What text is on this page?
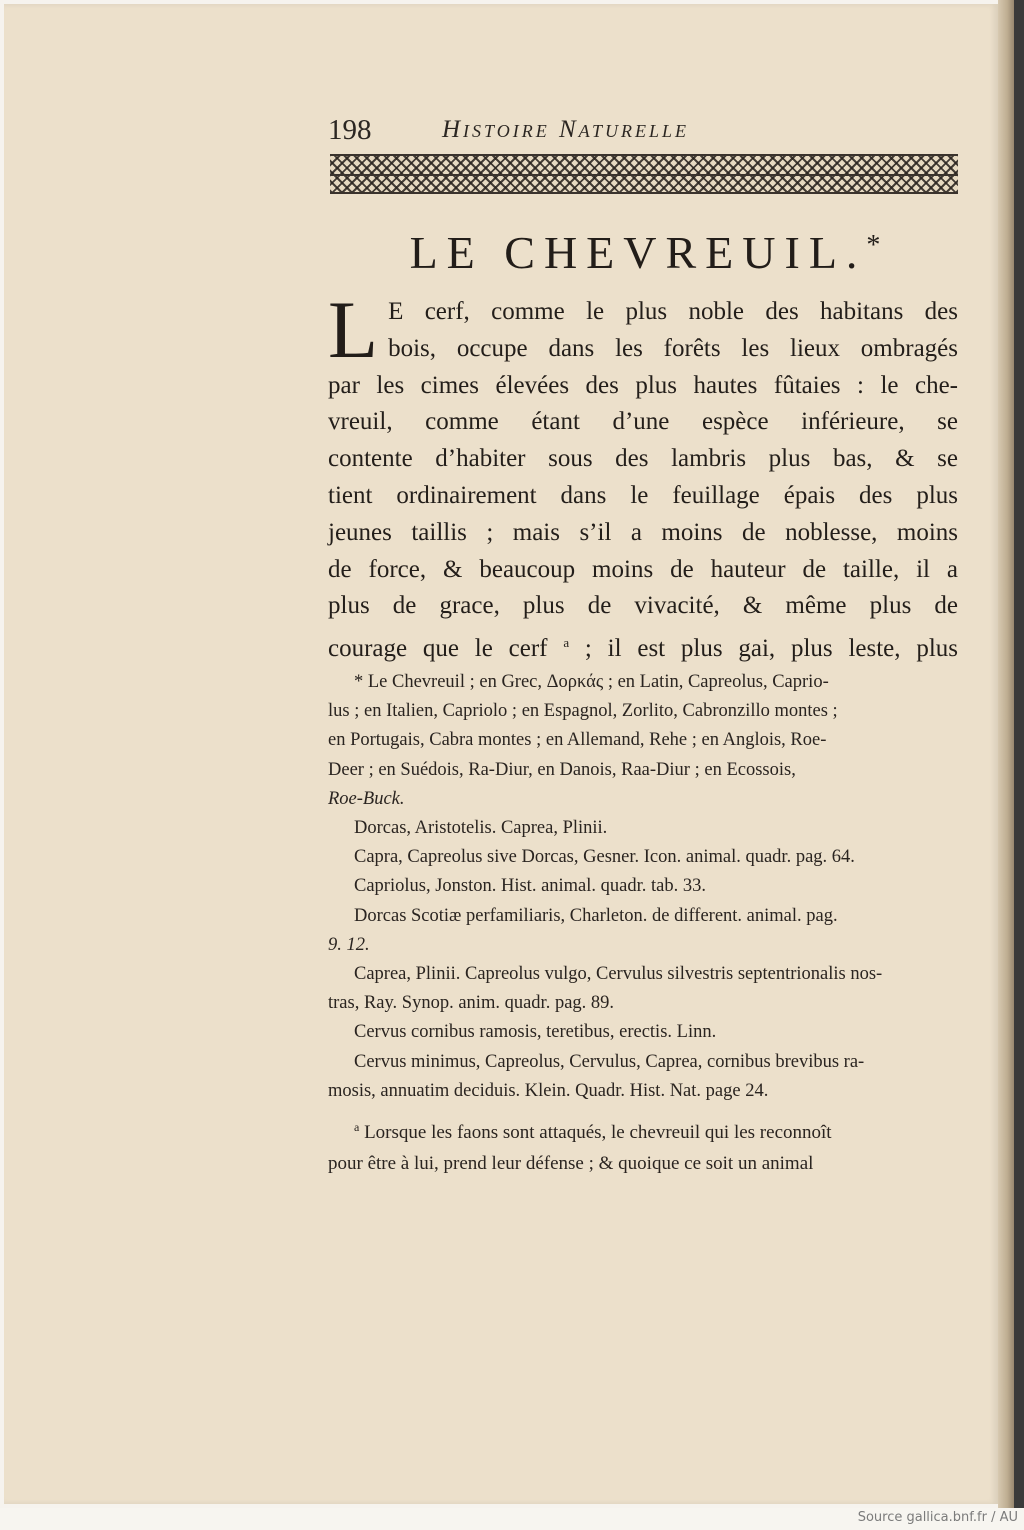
198	Histoire Naturelle
LE CHEVREUIL.*
L E cerf, comme le plus noble des habitans des

bois, occupe dans les forêts les lieux ombragés

par les cimes élevées des plus hautes fûtaies : le che-

vreuil, comme étant d’une espèce inférieure, se

contente d’habiter sous des lambris plus bas, & se

tient ordinairement dans le feuillage épais des plus

jeunes taillis ; mais s’il a moins de noblesse, moins

de force, & beaucoup moins de hauteur de taille, il a

plus de grace, plus de vivacité, & même plus de

courage que le cerf $^a$ ; il est plus gai, plus leste, plus

* Le Chevreuil ; en Grec, Δορκάς ; en Latin, Capreolus, Caprio-

lus ; en Italien, Capriolo ; en Espagnol, Zorlito, Cabronzillo montes ;

en Portugais, Cabra montes ; en Allemand, Rehe ; en Anglois, Roe-

Deer ; en Suédois, Ra-Diur, en Danois, Raa-Diur ; en Ecossois,

Roe-Buck.

Dorcas, Aristotelis. Caprea, Plinii.

Capra, Capreolus sive Dorcas, Gesner. Icon. animal. quadr. pag. 64.

Capriolus, Jonston. Hist. animal. quadr. tab. 33.

Dorcas Scotiæ perfamiliaris, Charleton. de different. animal. pag.

9. 12.

Caprea, Plinii. Capreolus vulgo, Cervulus silvestris septentrionalis nos-

tras, Ray. Synop. anim. quadr. pag. 89.

Cervus cornibus ramosis, teretibus, erectis. Linn.

Cervus minimus, Capreolus, Cervulus, Caprea, cornibus brevibus ra-

mosis, annuatim deciduis. Klein. Quadr. Hist. Nat. page 24.

$^a$ Lorsque les faons sont attaqués, le chevreuil qui les reconnoît

pour être à lui, prend leur défense ; & quoique ce soit un animal

Source gallica.bnf.fr / AU
